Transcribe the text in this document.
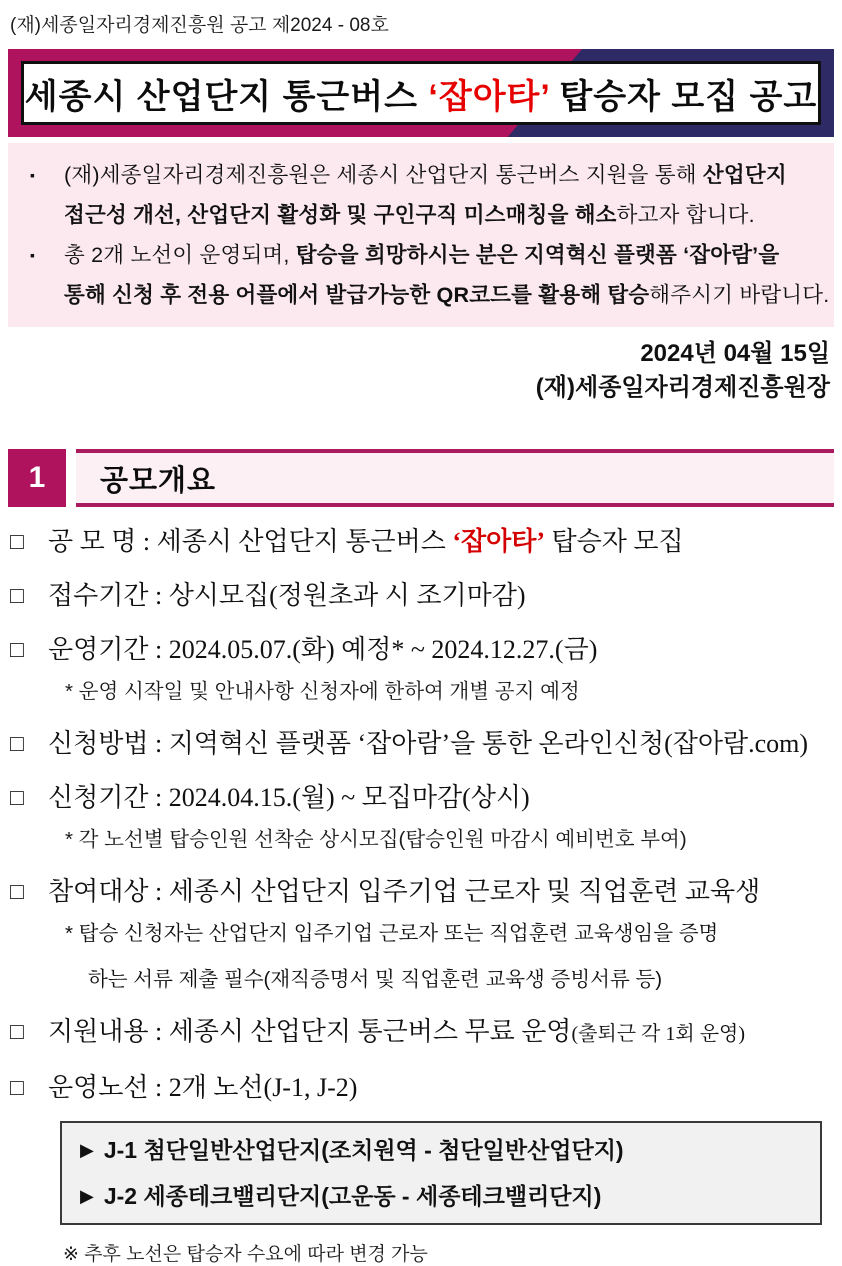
(재)세종일자리경제진흥원 공고 제2024 - 08호
세종시 산업단지 통근버스 ‘잡아타’ 탑승자 모집 공고
▪	(재)세종일자리경제진흥원은 세종시 산업단지 통근버스 지원을 통해 산업단지
접근성 개선, 산업단지 활성화 및 구인구직 미스매칭을 해소하고자 합니다.
▪	총 2개 노선이 운영되며, 탑승을 희망하시는 분은 지역혁신 플랫폼 ‘잡아람’을
통해 신청 후 전용 어플에서 발급가능한 QR코드를 활용해 탑승해주시기 바랍니다.
2024년 04월 15일
(재)세종일자리경제진흥원장
1	공모개요
□ 공 모 명 : 세종시 산업단지 통근버스 ‘잡아타’ 탑승자 모집
□ 접수기간 : 상시모집(정원초과 시 조기마감)
□ 운영기간 : 2024.05.07.(화) 예정* ~ 2024.12.27.(금)
* 운영 시작일 및 안내사항 신청자에 한하여 개별 공지 예정
□ 신청방법 : 지역혁신 플랫폼 ‘잡아람’을 통한 온라인신청(잡아람.com)
□ 신청기간 : 2024.04.15.(월) ~ 모집마감(상시)
* 각 노선별 탑승인원 선착순 상시모집(탑승인원 마감시 예비번호 부여)
□ 참여대상 : 세종시 산업단지 입주기업 근로자 및 직업훈련 교육생
* 탑승 신청자는 산업단지 입주기업 근로자 또는 직업훈련 교육생임을 증명
하는 서류 제출 필수(재직증명서 및 직업훈련 교육생 증빙서류 등)
□ 지원내용 : 세종시 산업단지 통근버스 무료 운영(출퇴근 각 1회 운영)
□ 운영노선 : 2개 노선(J-1, J-2)
▶ J-1 첨단일반산업단지(조치원역 - 첨단일반산업단지)
▶ J-2 세종테크밸리단지(고운동 - 세종테크밸리단지)
※ 추후 노선은 탑승자 수요에 따라 변경 가능
